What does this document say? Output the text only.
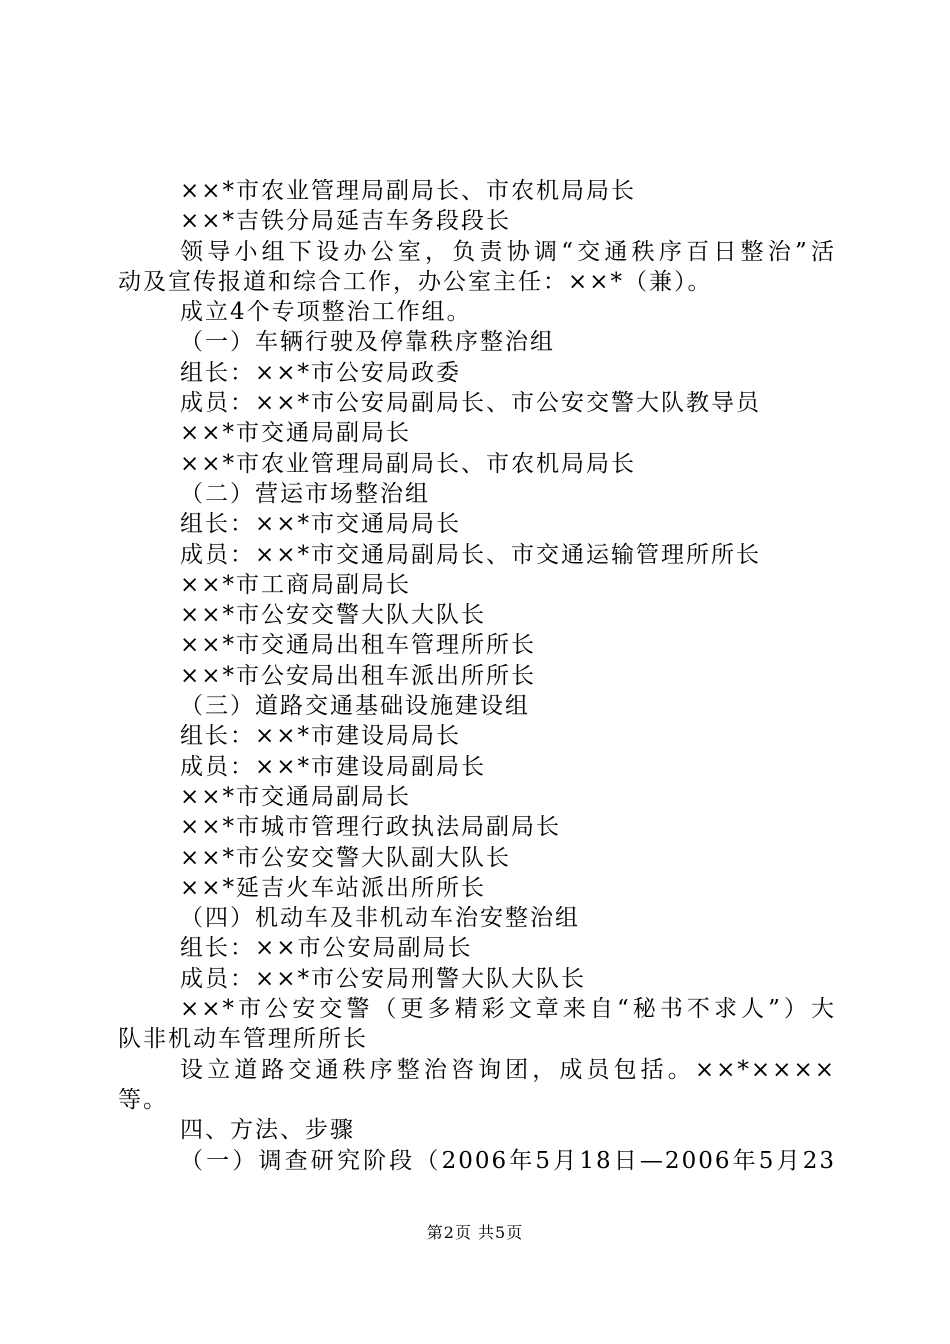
××*市农业管理局副局长、市农机局局长
××*吉铁分局延吉车务段段长
领导小组下设办公室，负责协调“交通秩序百日整治”活
动及宣传报道和综合工作，办公室主任：××*（兼）。
成立4个专项整治工作组。
（一）车辆行驶及停靠秩序整治组
组长：××*市公安局政委
成员：××*市公安局副局长、市公安交警大队教导员
××*市交通局副局长
××*市农业管理局副局长、市农机局局长
（二）营运市场整治组
组长：××*市交通局局长
成员：××*市交通局副局长、市交通运输管理所所长
××*市工商局副局长
××*市公安交警大队大队长
××*市交通局出租车管理所所长
××*市公安局出租车派出所所长
（三）道路交通基础设施建设组
组长：××*市建设局局长
成员：××*市建设局副局长
××*市交通局副局长
××*市城市管理行政执法局副局长
××*市公安交警大队副大队长
××*延吉火车站派出所所长
（四）机动车及非机动车治安整治组
组长：××市公安局副局长
成员：××*市公安局刑警大队大队长
××*市公安交警（更多精彩文章来自“秘书不求人”）大
队非机动车管理所所长
设立道路交通秩序整治咨询团，成员包括。××*××××
等。
四、方法、步骤
（一）调查研究阶段（2006年5月18日—2006年5月23
第2页 共5页
